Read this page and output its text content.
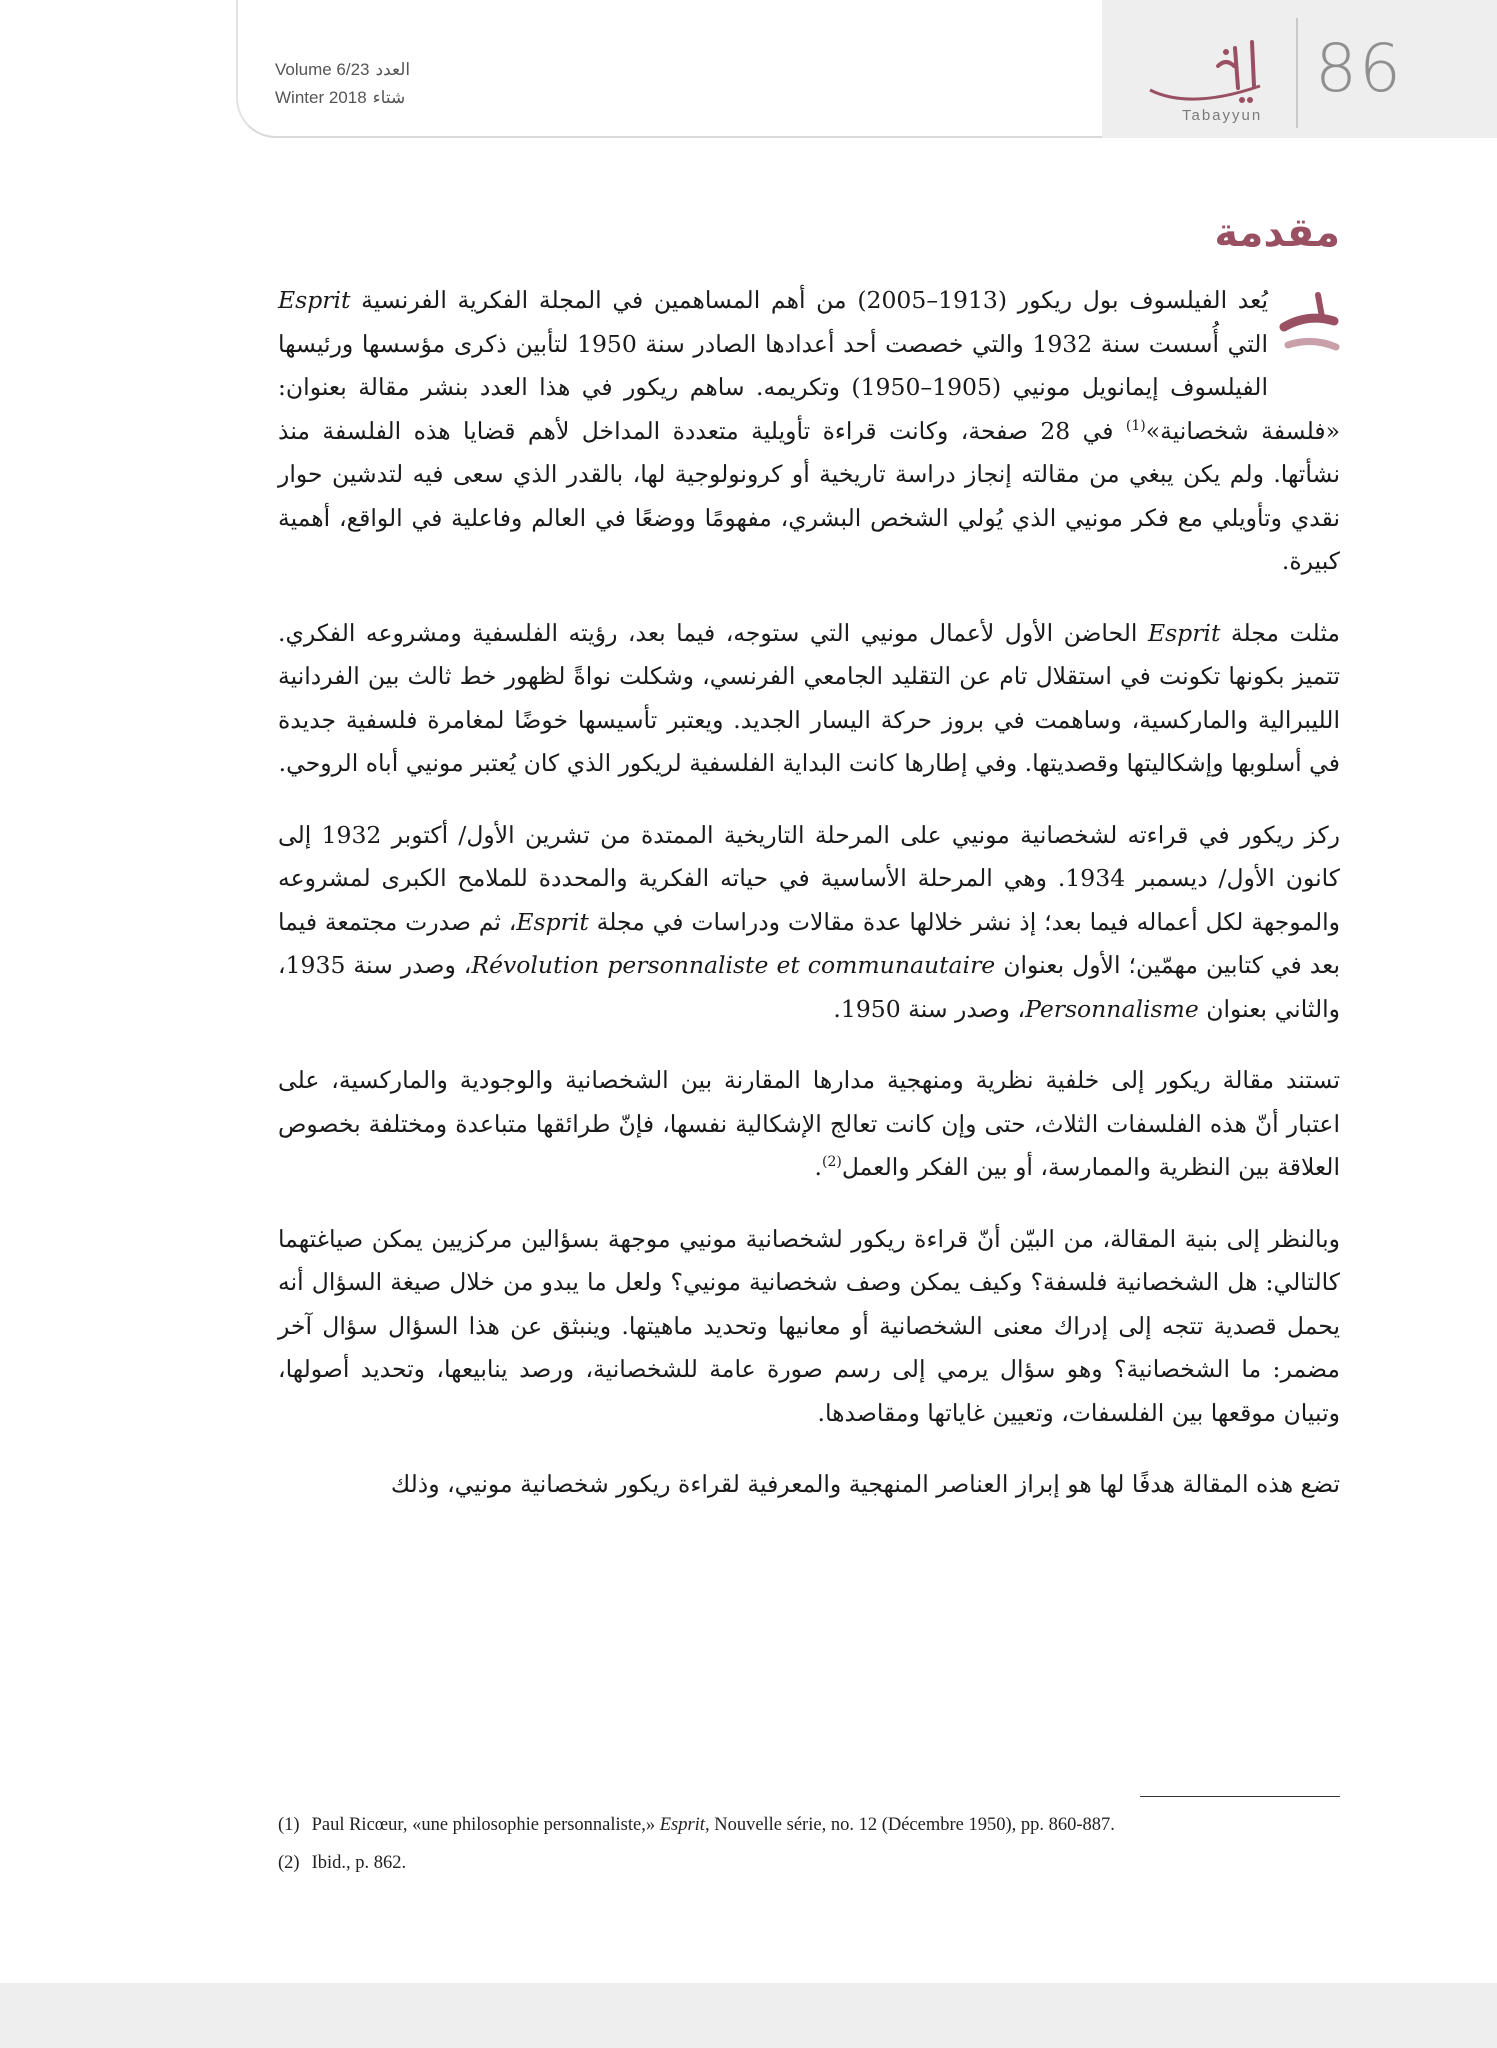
Volume 6/23 العدد
Winter 2018 شتاء
Tabayyun
86
مقدمة

يُعد الفيلسوف بول ريكور (1913–2005) من أهم المساهمين في المجلة الفكرية الفرنسية Esprit التي أُسست سنة 1932 والتي خصصت أحد أعدادها الصادر سنة 1950 لتأبين ذكرى مؤسسها ورئيسها الفيلسوف إيمانويل مونيي (1905–1950) وتكريمه. ساهم ريكور في هذا العدد بنشر مقالة بعنوان: «فلسفة شخصانية»$^{(1)}$ في 28 صفحة، وكانت قراءة تأويلية متعددة المداخل لأهم قضايا هذه الفلسفة منذ نشأتها. ولم يكن يبغي من مقالته إنجاز دراسة تاريخية أو كرونولوجية لها، بالقدر الذي سعى فيه لتدشين حوار نقدي وتأويلي مع فكر مونيي الذي يُولي الشخص البشري، مفهومًا ووضعًا في العالم وفاعلية في الواقع، أهمية كبيرة.

مثلت مجلة Esprit الحاضن الأول لأعمال مونيي التي ستوجه، فيما بعد، رؤيته الفلسفية ومشروعه الفكري. تتميز بكونها تكونت في استقلال تام عن التقليد الجامعي الفرنسي، وشكلت نواةً لظهور خط ثالث بين الفردانية الليبرالية والماركسية، وساهمت في بروز حركة اليسار الجديد. ويعتبر تأسيسها خوضًا لمغامرة فلسفية جديدة في أسلوبها وإشكاليتها وقصديتها. وفي إطارها كانت البداية الفلسفية لريكور الذي كان يُعتبر مونيي أباه الروحي.

ركز ريكور في قراءته لشخصانية مونيي على المرحلة التاريخية الممتدة من تشرين الأول/ أكتوبر 1932 إلى كانون الأول/ ديسمبر 1934. وهي المرحلة الأساسية في حياته الفكرية والمحددة للملامح الكبرى لمشروعه والموجهة لكل أعماله فيما بعد؛ إذ نشر خلالها عدة مقالات ودراسات في مجلة Esprit، ثم صدرت مجتمعة فيما بعد في كتابين مهمّين؛ الأول بعنوان Révolution personnaliste et communautaire، وصدر سنة 1935، والثاني بعنوان Personnalisme، وصدر سنة 1950.

تستند مقالة ريكور إلى خلفية نظرية ومنهجية مدارها المقارنة بين الشخصانية والوجودية والماركسية، على اعتبار أنّ هذه الفلسفات الثلاث، حتى وإن كانت تعالج الإشكالية نفسها، فإنّ طرائقها متباعدة ومختلفة بخصوص العلاقة بين النظرية والممارسة، أو بين الفكر والعمل$^{(2)}$.

وبالنظر إلى بنية المقالة، من البيّن أنّ قراءة ريكور لشخصانية مونيي موجهة بسؤالين مركزيين يمكن صياغتهما كالتالي: هل الشخصانية فلسفة؟ وكيف يمكن وصف شخصانية مونيي؟ ولعل ما يبدو من خلال صيغة السؤال أنه يحمل قصدية تتجه إلى إدراك معنى الشخصانية أو معانيها وتحديد ماهيتها. وينبثق عن هذا السؤال سؤال آخر مضمر: ما الشخصانية؟ وهو سؤال يرمي إلى رسم صورة عامة للشخصانية، ورصد ينابيعها، وتحديد أصولها، وتبيان موقعها بين الفلسفات، وتعيين غاياتها ومقاصدها.

تضع هذه المقالة هدفًا لها هو إبراز العناصر المنهجية والمعرفية لقراءة ريكور شخصانية مونيي، وذلك

(1) Paul Ricœur, «une philosophie personnaliste,» Esprit, Nouvelle série, no. 12 (Décembre 1950), pp. 860-887.
(2) Ibid., p. 862.
